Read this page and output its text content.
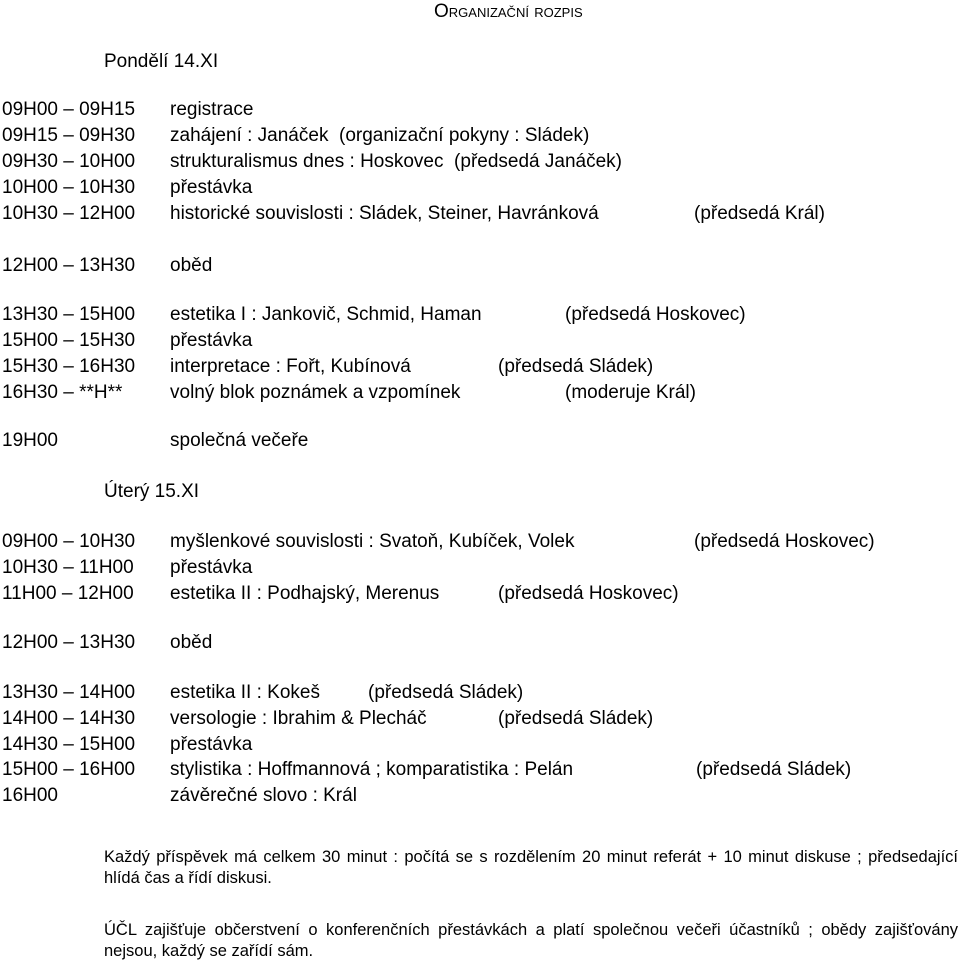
Organizační rozpis
Pondělí 14.XI
09H00 – 09H15 registrace
09H15 – 09H30 zahájení : Janáček  (organizační pokyny : Sládek)
09H30 – 10H00 strukturalismus dnes : Hoskovec  (předsedá Janáček)
10H00 – 10H30 přestávka
10H30 – 12H00 historické souvislosti : Sládek, Steiner, Havránková	(předsedá Král)
12H00 – 13H30 oběd
13H30 – 15H00 estetika I : Jankovič, Schmid, Haman	(předsedá Hoskovec)
15H00 – 15H30 přestávka
15H30 – 16H30 interpretace : Fořt, Kubínová	(předsedá Sládek)
16H30 – **H**	volný blok poznámek a vzpomínek	(moderuje Král)
19H00	společná večeře
Úterý 15.XI
09H00 – 10H30 myšlenkové souvislosti : Svatoň, Kubíček, Volek	(předsedá Hoskovec)
10H30 – 11H00 přestávka
11H00 – 12H00 estetika II : Podhajský, Merenus	(předsedá Hoskovec)
12H00 – 13H30 oběd
13H30 – 14H00 estetika II : Kokeš	(předsedá Sládek)
14H00 – 14H30 versologie : Ibrahim & Plecháč	(předsedá Sládek)
14H30 – 15H00 přestávka
15H00 – 16H00 stylistika : Hoffmannová ; komparatistika : Pelán	(předsedá Sládek)
16H00	závěrečné slovo : Král

Každý příspěvek má celkem 30 minut : počítá se s rozdělením 20 minut referát + 10 minut diskuse ; předsedající hlídá čas a řídí diskusi.

ÚČL zajišťuje občerstvení o konferenčních přestávkách a platí společnou večeři účastníků ; obědy zajišťovány nejsou, každý se zařídí sám.
